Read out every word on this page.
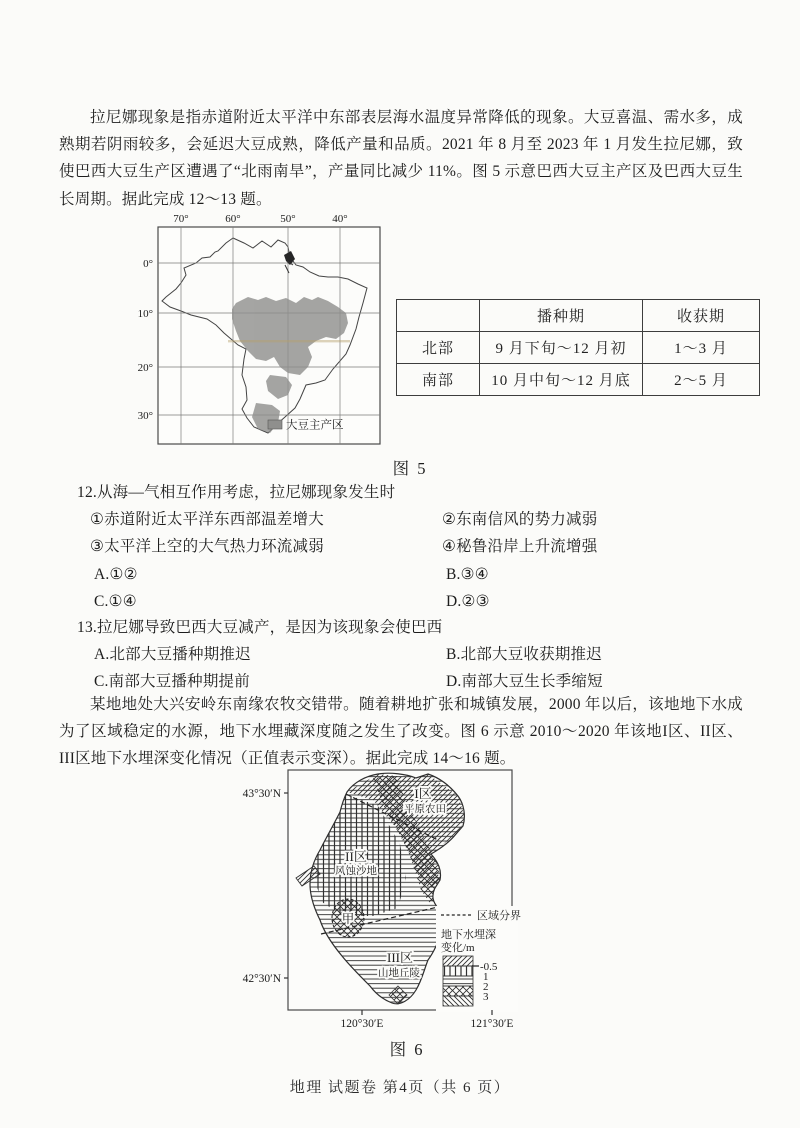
拉尼娜现象是指赤道附近太平洋中东部表层海水温度异常降低的现象。大豆喜温、需水多，成熟期若阴雨较多，会延迟大豆成熟，降低产量和品质。2021 年 8 月至 2023 年 1 月发生拉尼娜，致使巴西大豆生产区遭遇了“北雨南旱”，产量同比减少 11%。图 5 示意巴西大豆主产区及巴西大豆生长周期。据此完成 12～13 题。

70°	60°	50°	40°
0°
10°
20°
30°
大豆主产区
	播种期	收获期
北部	9 月下旬～12 月初	1～3 月
南部	10 月中旬～12 月底	2～5 月
图 5
12.从海—气相互作用考虑，拉尼娜现象发生时
①赤道附近太平洋东西部温差增大	②东南信风的势力减弱
③太平洋上空的大气热力环流减弱	④秘鲁沿岸上升流增强
A.①②	B.③④
C.①④	D.②③
13.拉尼娜导致巴西大豆减产，是因为该现象会使巴西
A.北部大豆播种期推迟	B.北部大豆收获期推迟
C.南部大豆播种期提前	D.南部大豆生长季缩短

某地地处大兴安岭东南缘农牧交错带。随着耕地扩张和城镇发展，2000 年以后，该地地下水成为了区域稳定的水源，地下水埋藏深度随之发生了改变。图 6 示意 2010～2020 年该地I区、II区、III区地下水埋深变化情况（正值表示变深）。据此完成 14～16 题。

I区
平原农田
II区
风蚀沙地
III区
山地丘陵
甲	区域分界
地下水埋深
变化/m
-0.5
1
2
3
43°30′N
42°30′N
120°30′E	121°30′E
图 6

地理 试题卷 第4页（共 6 页）
